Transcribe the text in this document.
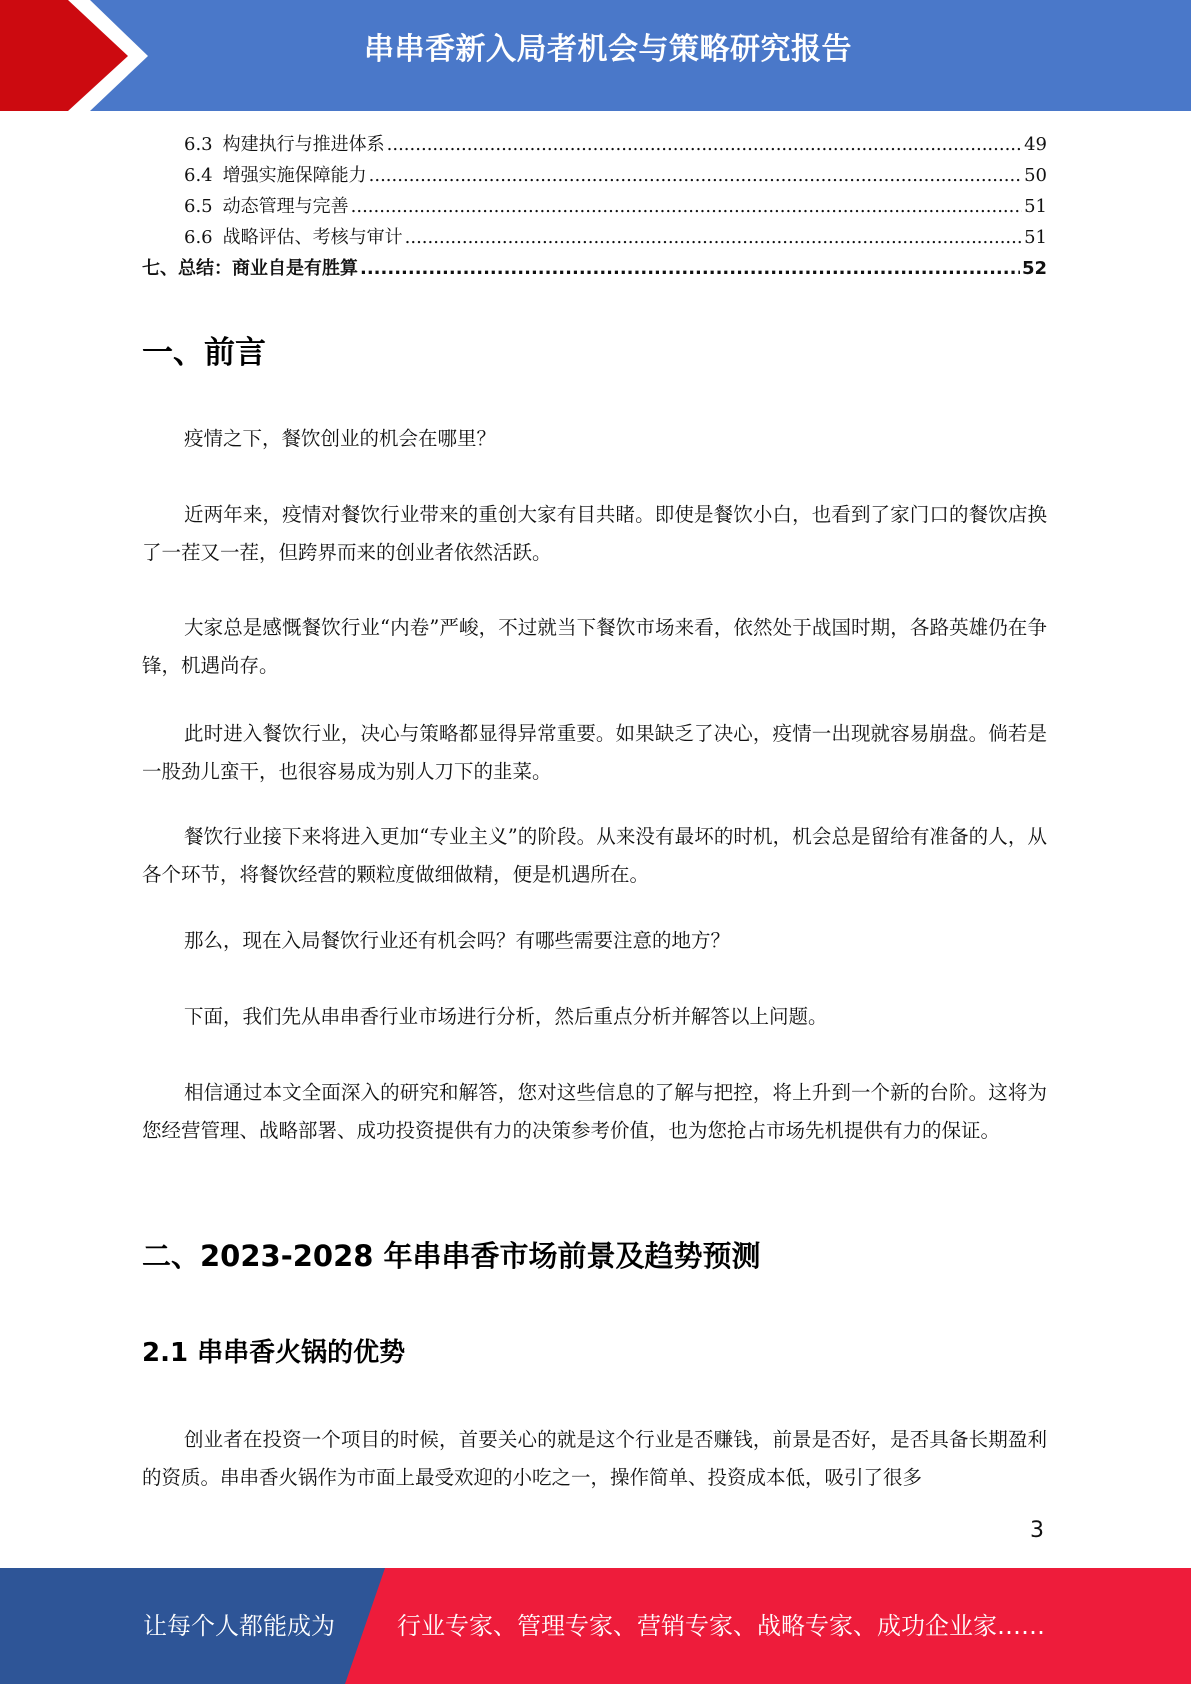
串串香新入局者机会与策略研究报告
6.3 构建执行与推进体系 .....	49
6.4 增强实施保障能力 .....	50
6.5 动态管理与完善 .....	51
6.6 战略评估、考核与审计 .....	51
七、总结：商业自是有胜算 .....	52
一、前言

疫情之下，餐饮创业的机会在哪里？

近两年来，疫情对餐饮行业带来的重创大家有目共睹。即使是餐饮小白，也看到了家门口的餐饮店换了一茬又一茬，但跨界而来的创业者依然活跃。

大家总是感慨餐饮行业“内卷”严峻，不过就当下餐饮市场来看，依然处于战国时期，各路英雄仍在争锋，机遇尚存。

此时进入餐饮行业，决心与策略都显得异常重要。如果缺乏了决心，疫情一出现就容易崩盘。倘若是一股劲儿蛮干，也很容易成为别人刀下的韭菜。

餐饮行业接下来将进入更加“专业主义”的阶段。从来没有最坏的时机，机会总是留给有准备的人，从各个环节，将餐饮经营的颗粒度做细做精，便是机遇所在。

那么，现在入局餐饮行业还有机会吗？有哪些需要注意的地方？

下面，我们先从串串香行业市场进行分析，然后重点分析并解答以上问题。

相信通过本文全面深入的研究和解答，您对这些信息的了解与把控，将上升到一个新的台阶。这将为您经营管理、战略部署、成功投资提供有力的决策参考价值，也为您抢占市场先机提供有力的保证。

二、2023-2028 年串串香市场前景及趋势预测
2.1 串串香火锅的优势

创业者在投资一个项目的时候，首要关心的就是这个行业是否赚钱，前景是否好，是否具备长期盈利的资质。串串香火锅作为市面上最受欢迎的小吃之一，操作简单、投资成本低，吸引了很多

3
让每个人都能成为	行业专家、管理专家、营销专家、战略专家、成功企业家……
